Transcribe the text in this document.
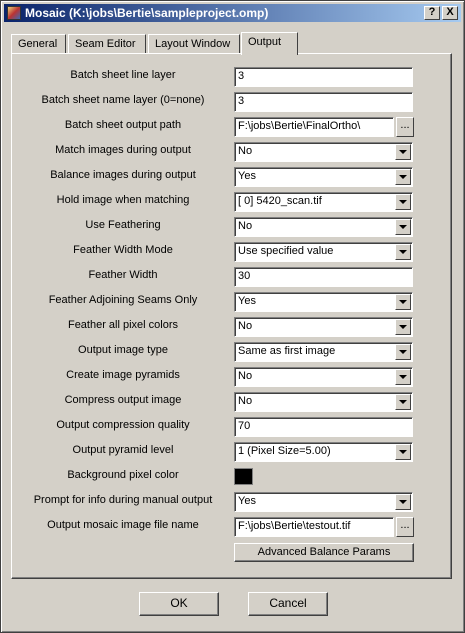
Mosaic (K:\jobs\Bertie\sampleproject.omp)	? X
General	Seam Editor	Layout Window	Output
Batch sheet line layer	3
Batch sheet name layer (0=none)	3
Batch sheet output path	F:\jobs\Bertie\FinalOrtho\	...
Match images during output	No
Balance images during output	Yes
Hold image when matching	[ 0] 5420_scan.tif
Use Feathering	No
Feather Width Mode	Use specified value
Feather Width	30
Feather Adjoining Seams Only	Yes
Feather all pixel colors	No
Output image type	Same as first image
Create image pyramids	No
Compress output image	No
Output compression quality	70
Output pyramid level	1 (Pixel Size=5.00)
Background pixel color
Prompt for info during manual output	Yes
Output mosaic image file name	F:\jobs\Bertie\testout.tif	...
Advanced Balance Params
OK	Cancel
